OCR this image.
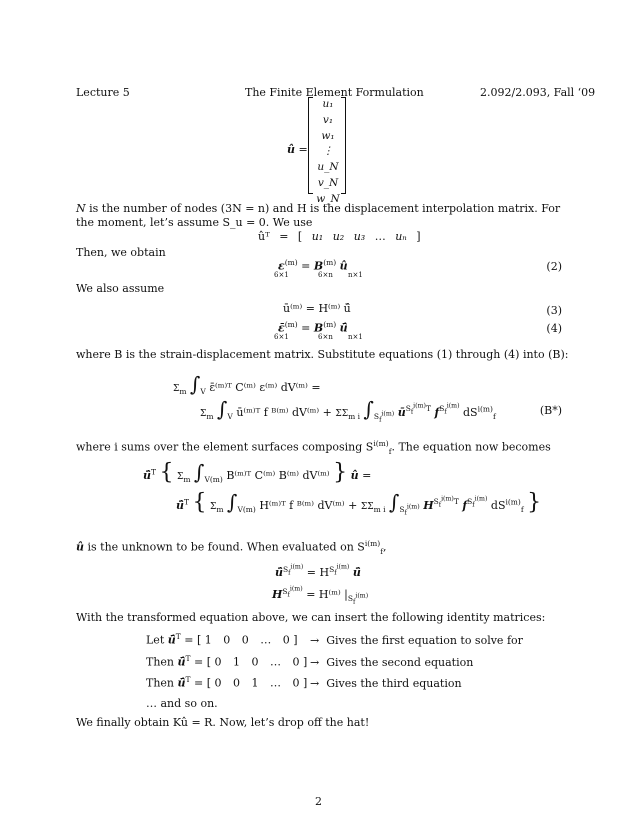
Lecture 5	The Finite Element Formulation	2.092/2.093, Fall ‘09
û =
u₁
v₁
w₁
⋮
u_N
v_N
w_N
N is the number of nodes (3N = n) and H is the displacement interpolation matrix. For the moment, let’s assume S_u = 0. We use
ûᵀ = [ u₁ u₂ u₃ … uₙ ]
Then, we obtain
$\varepsilon^{(m)} = B^{(m)}$ û
6×1	6×n n×1
(2)
We also assume
ū⁽ᵐ⁾ = H⁽ᵐ⁾ ū̂	(3)
ε̄$^{(m)}$ = $B^{(m)}$ ū̂
6×1	6×n n×1
(4)
where B is the strain-displacement matrix. Substitute equations (1) through (4) into (B):
$\Sigma_m$ $\int_V$ ε̄⁽ᵐ⁾ᵀ C⁽ᵐ⁾ ε⁽ᵐ⁾ dV⁽ᵐ⁾ =
$\Sigma_m$ $\int_V$ ū⁽ᵐ⁾ᵀ f ᴮ⁽ᵐ⁾ dV⁽ᵐ⁾ + $\Sigma\Sigma_{m i}$ $\int_{S_f^{i(m)}}$ $ū^{S_f^{i(m)}T}$ $f^{S_f^{i(m)}}$ $dS^{i(m)}_f$	(B*)
where i sums over the element surfaces composing $S^{i(m)}_f$. The equation now becomes
ū̂$^T$ { $\Sigma_m$ $\int_{V(m)}$ B⁽ᵐ⁾ᵀ C⁽ᵐ⁾ B⁽ᵐ⁾ dV⁽ᵐ⁾ } û =
ū̂$^T$ { $\Sigma_m$ $\int_{V(m)}$ H⁽ᵐ⁾ᵀ f ᴮ⁽ᵐ⁾ dV⁽ᵐ⁾ + $\Sigma\Sigma_{m i}$ $\int_{S_f^{i(m)}}$ $H^{S_f^{i(m)}T}$ $f^{S_f^{i(m)}}$ $dS^{i(m)}_f$ }
û is the unknown to be found. When evaluated on $S^{i(m)}_f$,
ū̂$^{S_f^{i(m)}}$ = $H^{S_f^{i(m)}}$ ū̂
$H^{S_f^{i(m)}}$ = H⁽ᵐ⁾ $|_{S_f^{i(m)}}$
With the transformed equation above, we can insert the following identity matrices:
Let ū̂$^T$ = [ 1 0 0 … 0 ]
Then ū̂$^T$ = [ 0 1 0 … 0 ]
Then ū̂$^T$ = [ 0 0 1 … 0 ]
→  Gives the first equation to solve for
→  Gives the second equation
→  Gives the third equation
… and so on.
We finally obtain Kû = R. Now, let’s drop off the hat!
2
